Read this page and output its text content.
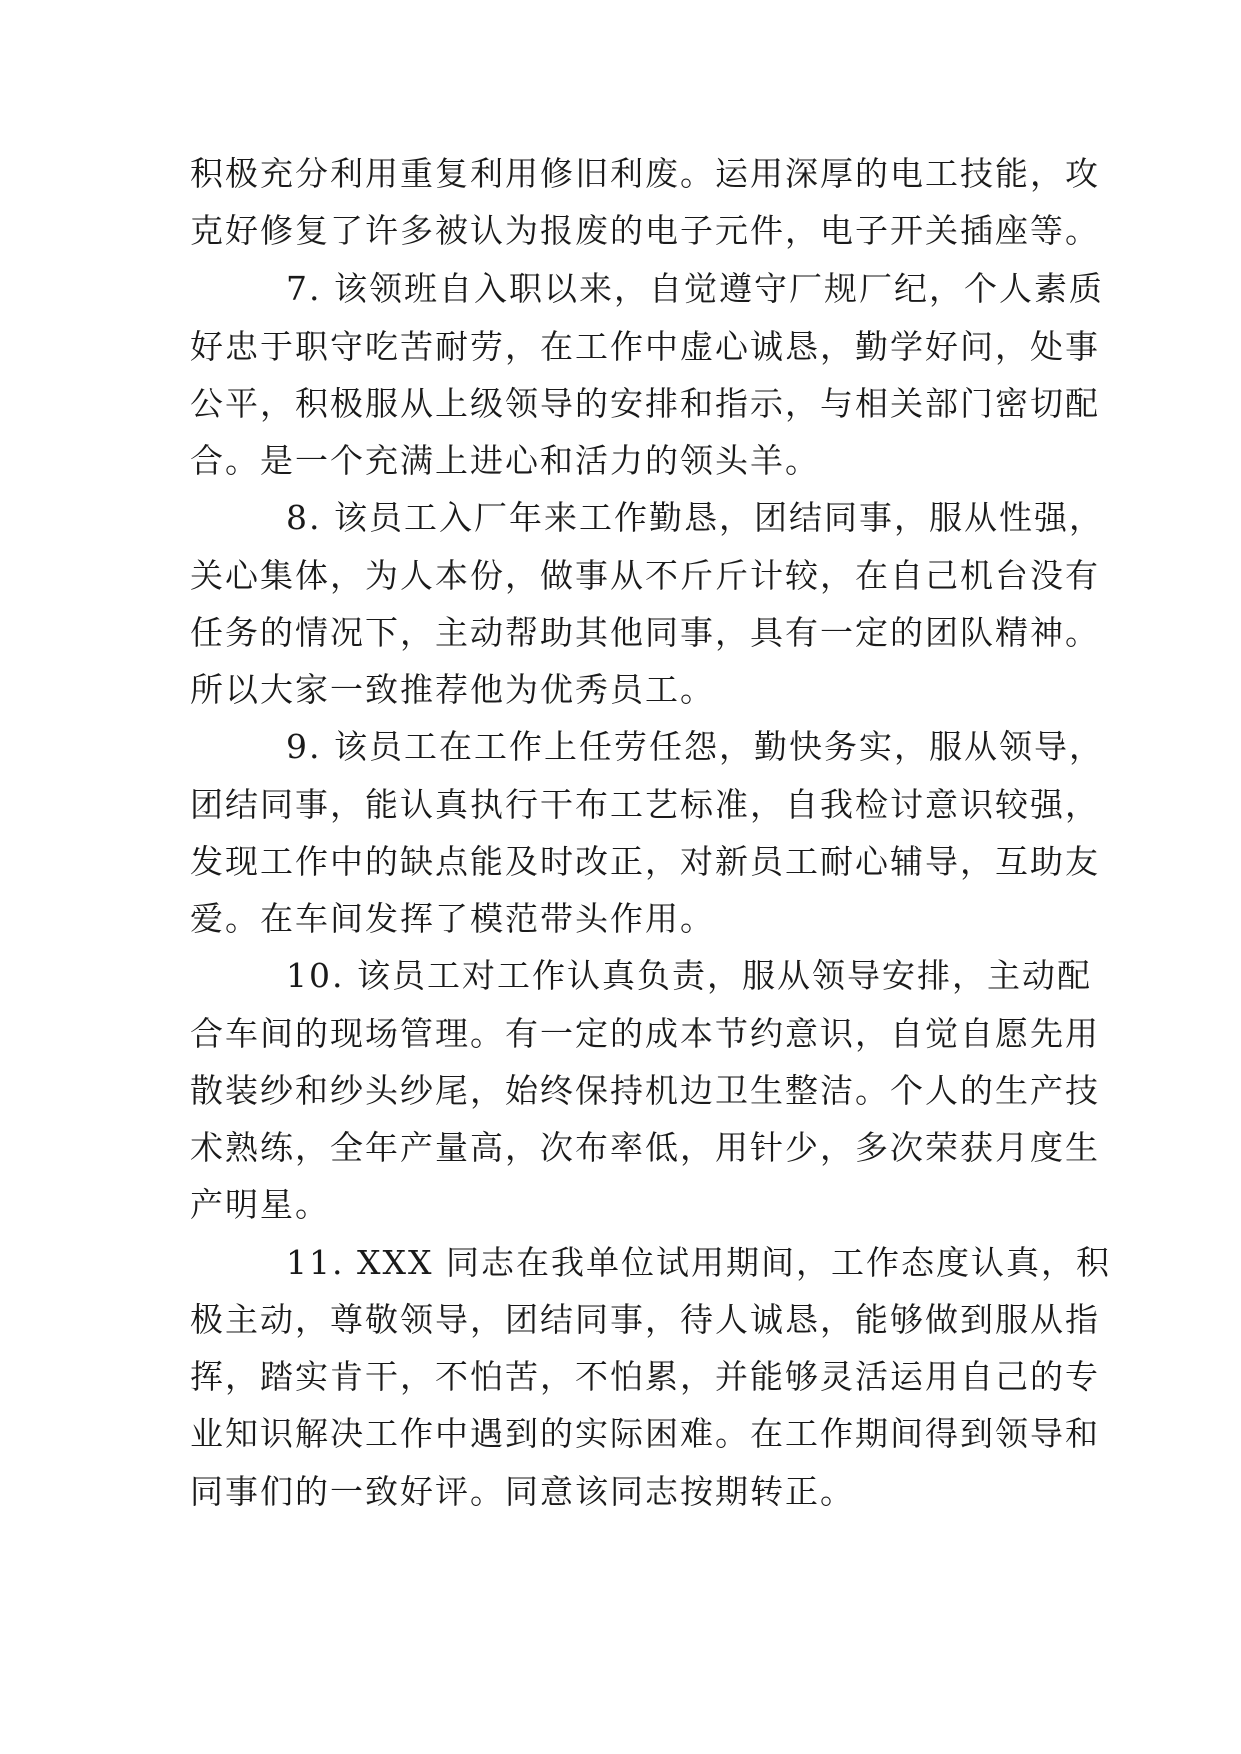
积极充分利用重复利用修旧利废。运用深厚的电工技能，攻
克好修复了许多被认为报废的电子元件，电子开关插座等。
7. 该领班自入职以来，自觉遵守厂规厂纪，个人素质
好忠于职守吃苦耐劳，在工作中虚心诚恳，勤学好问，处事
公平，积极服从上级领导的安排和指示，与相关部门密切配
合。是一个充满上进心和活力的领头羊。
8. 该员工入厂年来工作勤恳，团结同事，服从性强，
关心集体，为人本份，做事从不斤斤计较，在自己机台没有
任务的情况下，主动帮助其他同事，具有一定的团队精神。
所以大家一致推荐他为优秀员工。
9. 该员工在工作上任劳任怨，勤快务实，服从领导，
团结同事，能认真执行干布工艺标准，自我检讨意识较强，
发现工作中的缺点能及时改正，对新员工耐心辅导，互助友
爱。在车间发挥了模范带头作用。
10. 该员工对工作认真负责，服从领导安排，主动配
合车间的现场管理。有一定的成本节约意识，自觉自愿先用
散装纱和纱头纱尾，始终保持机边卫生整洁。个人的生产技
术熟练，全年产量高，次布率低，用针少，多次荣获月度生
产明星。
11. XXX 同志在我单位试用期间，工作态度认真，积
极主动，尊敬领导，团结同事，待人诚恳，能够做到服从指
挥，踏实肯干，不怕苦，不怕累，并能够灵活运用自己的专
业知识解决工作中遇到的实际困难。在工作期间得到领导和
同事们的一致好评。同意该同志按期转正。
